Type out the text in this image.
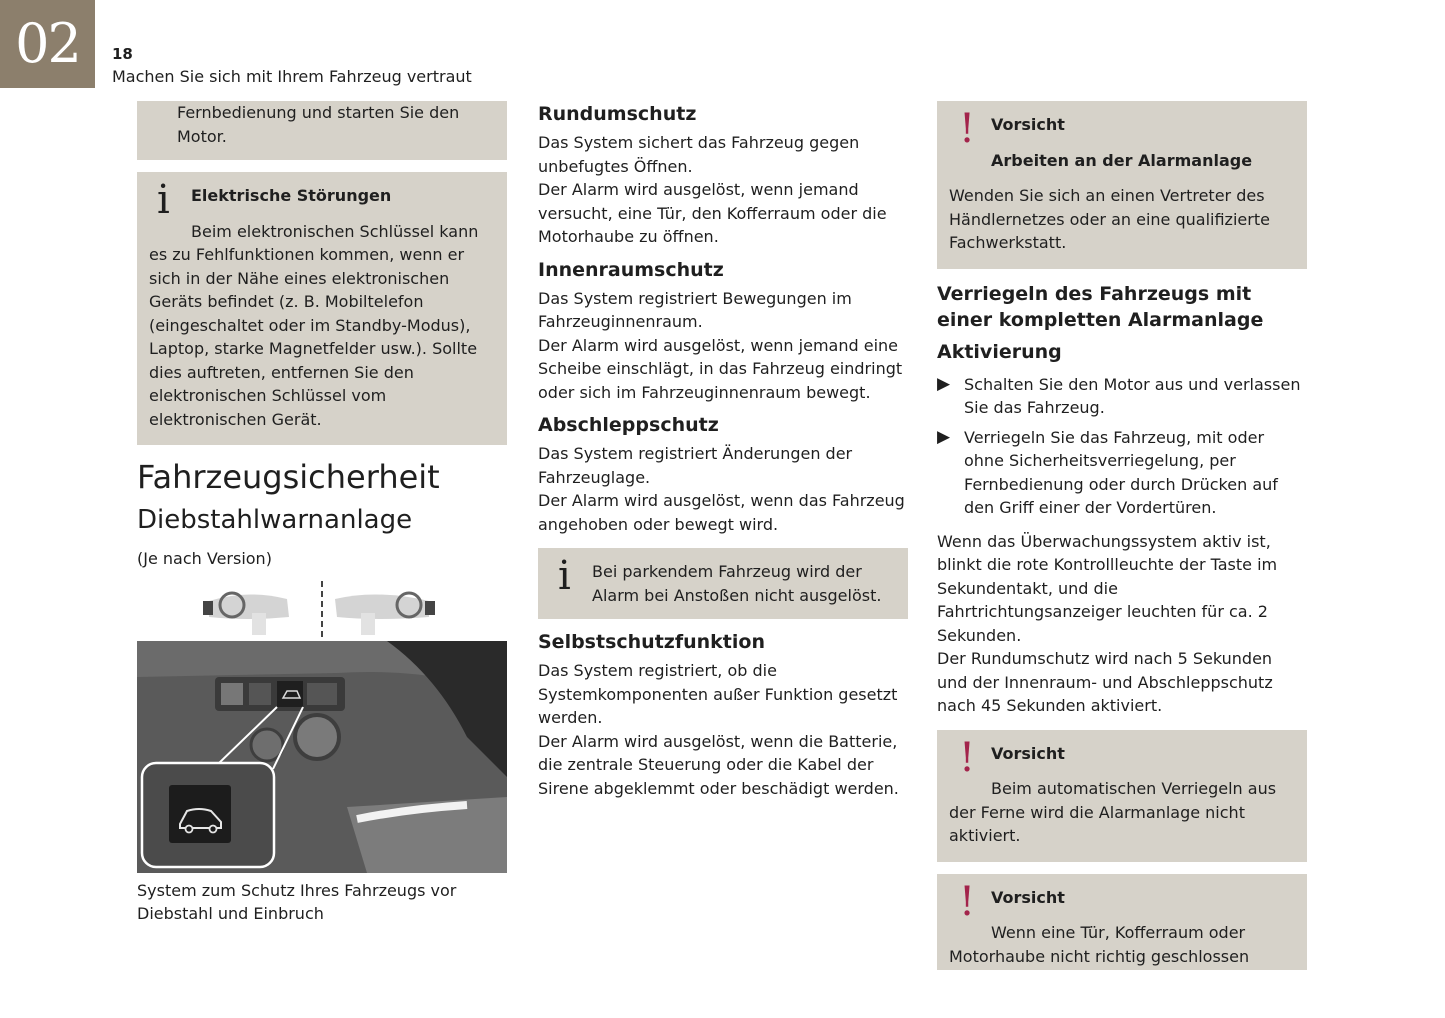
02	18
Machen Sie sich mit Ihrem Fahrzeug vertraut

Fernbedienung und starten Sie den

Motor.

i	Elektrische Störungen

Beim elektronischen Schlüssel kann

es zu Fehlfunktionen kommen, wenn er sich in der Nähe eines elektronischen Geräts befindet (z. B. Mobiltelefon (eingeschaltet oder im Standby-Modus), Laptop, starke Magnetfelder usw.). Sollte dies auftreten, entfernen Sie den elektronischen Schlüssel vom elektronischen Gerät.

Fahrzeugsicherheit
Diebstahlwarnanlage

(Je nach Version)

System zum Schutz Ihres Fahrzeugs vor Diebstahl und Einbruch

Rundumschutz

Das System sichert das Fahrzeug gegen unbefugtes Öffnen.

Der Alarm wird ausgelöst, wenn jemand versucht, eine Tür, den Kofferraum oder die Motorhaube zu öffnen.

Innenraumschutz

Das System registriert Bewegungen im Fahrzeuginnenraum.

Der Alarm wird ausgelöst, wenn jemand eine Scheibe einschlägt, in das Fahrzeug eindringt oder sich im Fahrzeuginnenraum bewegt.

Abschleppschutz

Das System registriert Änderungen der Fahrzeuglage.

Der Alarm wird ausgelöst, wenn das Fahrzeug angehoben oder bewegt wird.

i	Bei parkendem Fahrzeug wird der

Alarm bei Anstoßen nicht ausgelöst.

Selbstschutzfunktion

Das System registriert, ob die Systemkomponenten außer Funktion gesetzt werden.

Der Alarm wird ausgelöst, wenn die Batterie, die zentrale Steuerung oder die Kabel der Sirene abgeklemmt oder beschädigt werden.

! Vorsicht

Arbeiten an der Alarmanlage

Wenden Sie sich an einen Vertreter des Händlernetzes oder an eine qualifizierte Fachwerkstatt.

Verriegeln des Fahrzeugs mit einer kompletten Alarmanlage
Aktivierung
▶ Schalten Sie den Motor aus und verlassen Sie das Fahrzeug.
▶ Verriegeln Sie das Fahrzeug, mit oder ohne Sicherheitsverriegelung, per Fernbedienung oder durch Drücken auf den Griff einer der Vordertüren.

Wenn das Überwachungssystem aktiv ist, blinkt die rote Kontrollleuchte der Taste im Sekundentakt, und die Fahrtrichtungsanzeiger leuchten für ca. 2 Sekunden.

Der Rundumschutz wird nach 5 Sekunden und der Innenraum- und Abschleppschutz nach 45 Sekunden aktiviert.

! Vorsicht

Beim automatischen Verriegeln aus

der Ferne wird die Alarmanlage nicht aktiviert.

! Vorsicht

Wenn eine Tür, Kofferraum oder

Motorhaube nicht richtig geschlossen
